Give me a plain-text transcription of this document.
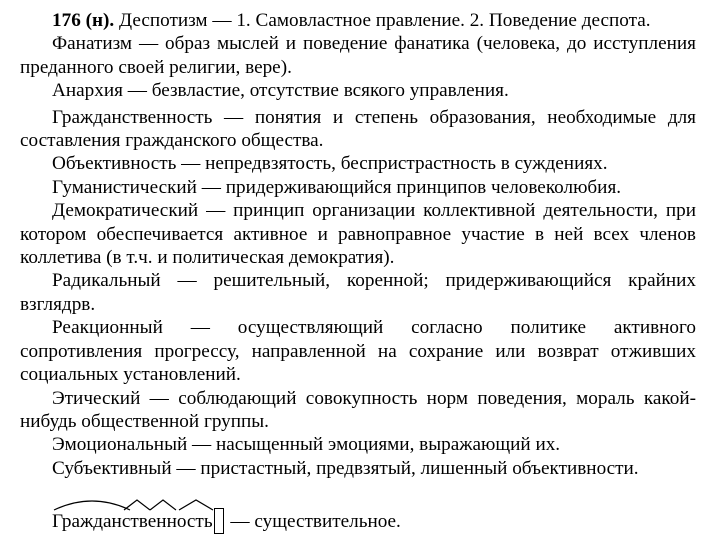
176 (н). Деспотизм — 1. Самовластное правление. 2. Поведение деспота.

Фанатизм — образ мыслей и поведение фанатика (человека, до исступления преданного своей религии, вере).

Анархия — безвластие, отсутствие всякого управления.

Гражданственность — понятия и степень образования, необходимые для составления гражданского общества.

Объективность — непредвзятость, беспристрастность в суждениях.

Гуманистический — придерживающийся принципов человеколюбия.

Демократический — принцип организации коллективной деятельности, при котором обеспечивается активное и равноправное участие в ней всех членов коллетива (в т.ч. и политическая демократия).

Радикальный — решительный, коренной; придерживающийся крайних взглядрв.

Реакционный — осуществляющий согласно политике активного сопротивления прогрессу, направленной на сохрание или возврат отживших социальных установлений.

Этический — соблюдающий совокупность норм поведения, мораль какой-нибудь общественной группы.

Эмоциональный — насыщенный эмоциями, выражающий их.

Субъективный — пристастный, предвзятый, лишенный объективности.

Граждан
ств
енн
ость — существительное.
